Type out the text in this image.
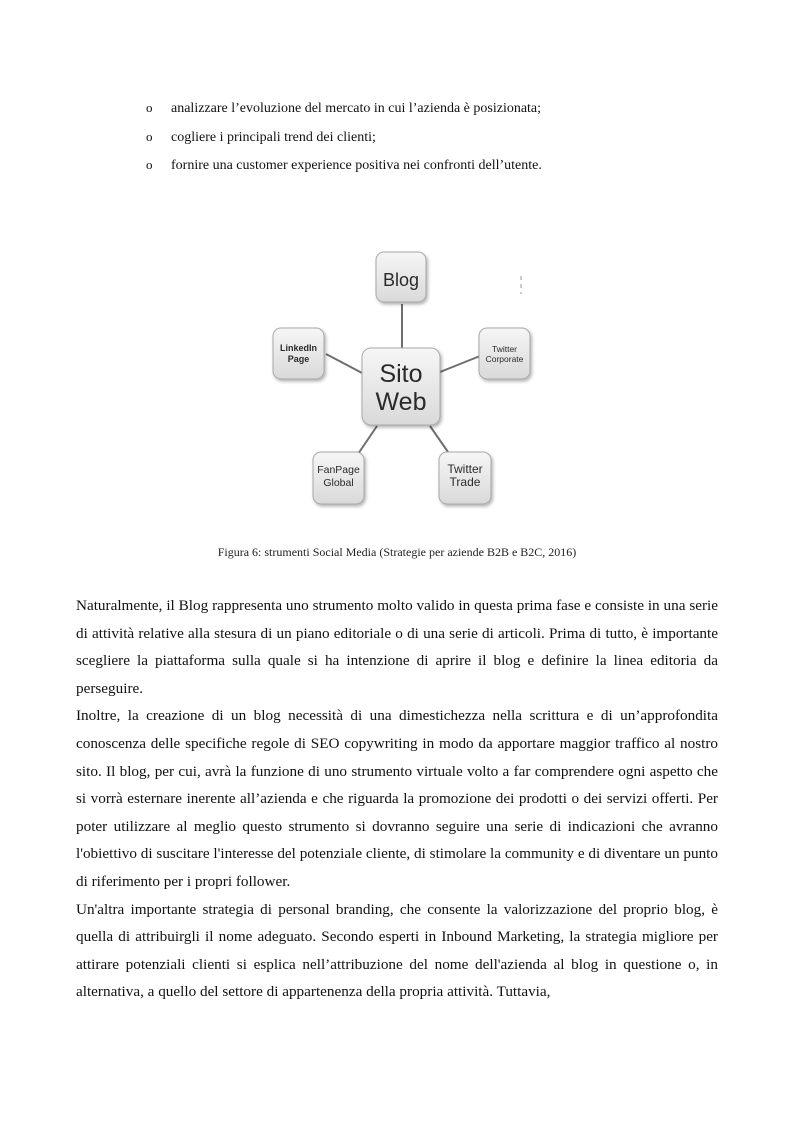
o analizzare l’evoluzione del mercato in cui l’azienda è posizionata;
o cogliere i principali trend dei clienti;
o fornire una customer experience positiva nei confronti dell’utente.
Blog
LinkedIn
Page
Twitter
Corporate
Sito
Web
FanPage
Global
Twitter
Trade
Figura 6: strumenti Social Media (Strategie per aziende B2B e B2C, 2016)

Naturalmente, il Blog rappresenta uno strumento molto valido in questa prima fase e consiste in una serie di attività relative alla stesura di un piano editoriale o di una serie di articoli. Prima di tutto, è importante scegliere la piattaforma sulla quale si ha intenzione di aprire il blog e definire la linea editoria da perseguire.

Inoltre, la creazione di un blog necessità di una dimestichezza nella scrittura e di un’approfondita conoscenza delle specifiche regole di SEO copywriting in modo da apportare maggior traffico al nostro sito. Il blog, per cui, avrà la funzione di uno strumento virtuale volto a far comprendere ogni aspetto che si vorrà esternare inerente all’azienda e che riguarda la promozione dei prodotti o dei servizi offerti. Per poter utilizzare al meglio questo strumento si dovranno seguire una serie di indicazioni che avranno l'obiettivo di suscitare l'interesse del potenziale cliente, di stimolare la community e di diventare un punto di riferimento per i propri follower.

Un'altra importante strategia di personal branding, che consente la valorizzazione del proprio blog, è quella di attribuirgli il nome adeguato. Secondo esperti in Inbound Marketing, la strategia migliore per attirare potenziali clienti si esplica nell’attribuzione del nome dell'azienda al blog in questione o, in alternativa, a quello del settore di appartenenza della propria attività. Tuttavia,
